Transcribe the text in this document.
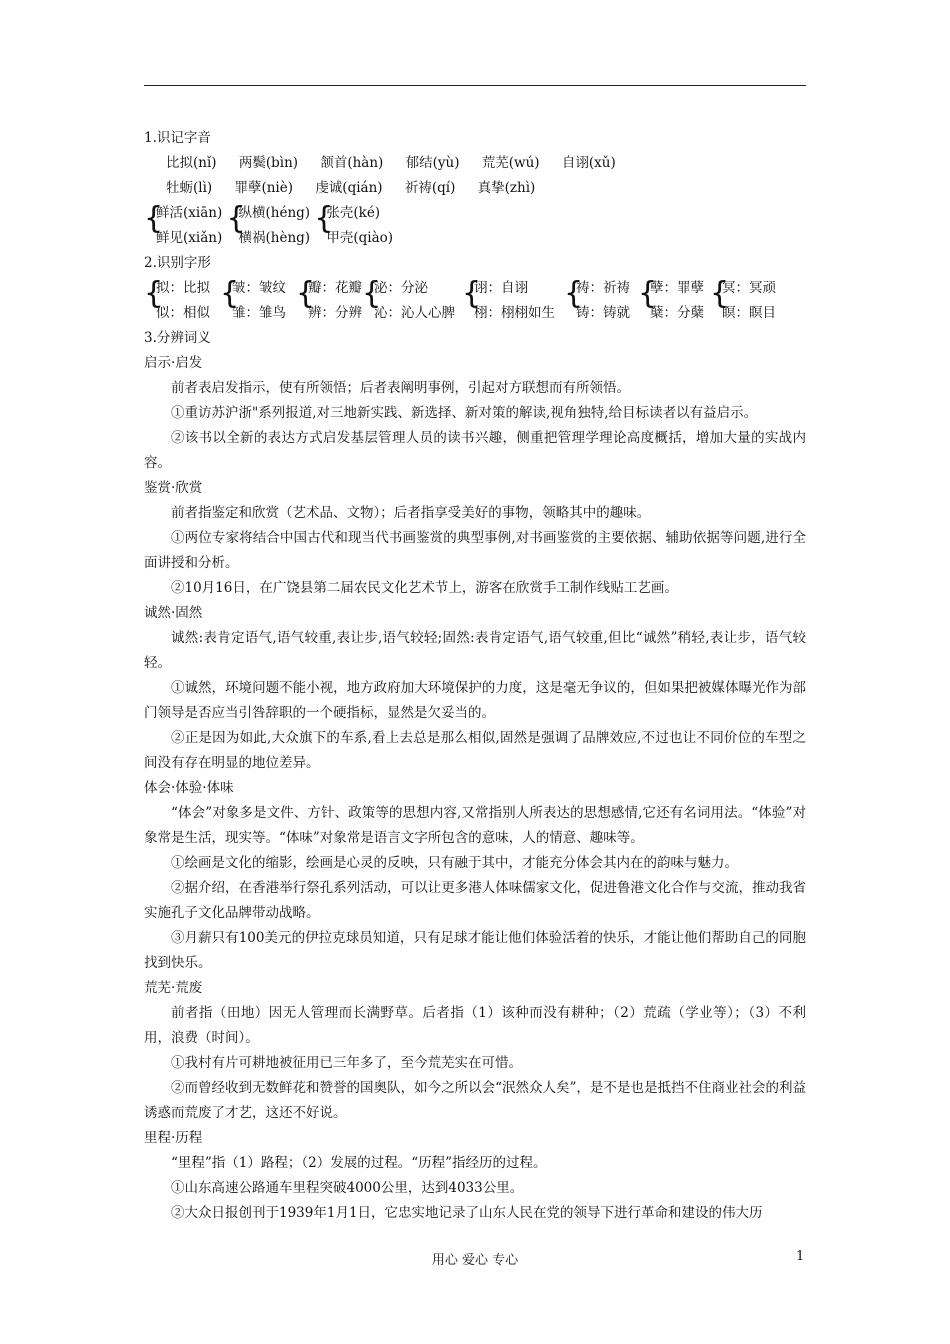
1.识记字音
比拟(nǐ) 两鬓(bìn) 颔首(hàn) 郁结(yù) 荒芜(wú) 自诩(xǔ)
牡蛎(lì) 罪孽(niè) 虔诚(qián) 祈祷(qí) 真挚(zhì)
{
鲜活(xiān)
鲜见(xiǎn)

{
纵横(héng)
横祸(hèng)

{
张壳(ké)
甲壳(qiào)
2.识别字形
{
拟：比拟
似：相似
{
皱：皱纹
雏：雏鸟
{
瓣：花瓣
辨：分辨
{
泌：分泌
沁：沁人心脾
{
诩：自诩
栩：栩栩如生
{
祷：祈祷
铸：铸就
{
孽：罪孽
蘖：分蘖
{
冥：冥顽
瞑：瞑目
3.分辨词义
启示·启发
前者表启发指示，使有所领悟；后者表阐明事例，引起对方联想而有所领悟。
①重访苏沪浙"系列报道,对三地新实践、新选择、新对策的解读,视角独特,给目标读者以有益启示。
②该书以全新的表达方式启发基层管理人员的读书兴趣，侧重把管理学理论高度概括，增加大量的实战内容。
鉴赏·欣赏
前者指鉴定和欣赏（艺术品、文物）；后者指享受美好的事物，领略其中的趣味。
①两位专家将结合中国古代和现当代书画鉴赏的典型事例,对书画鉴赏的主要依据、辅助依据等问题,进行全面讲授和分析。
②10月16日，在广饶县第二届农民文化艺术节上，游客在欣赏手工制作线贴工艺画。
诚然·固然
诚然:表肯定语气,语气较重,表让步,语气较轻;固然:表肯定语气,语气较重,但比“诚然”稍轻,表让步，语气较轻。
①诚然，环境问题不能小视，地方政府加大环境保护的力度，这是毫无争议的，但如果把被媒体曝光作为部门领导是否应当引咎辞职的一个硬指标，显然是欠妥当的。
②正是因为如此,大众旗下的车系,看上去总是那么相似,固然是强调了品牌效应,不过也让不同价位的车型之间没有存在明显的地位差异。
体会·体验·体味
“体会”对象多是文件、方针、政策等的思想内容,又常指别人所表达的思想感情,它还有名词用法。“体验”对象常是生活，现实等。“体味”对象常是语言文字所包含的意味，人的情意、趣味等。
①绘画是文化的缩影，绘画是心灵的反映，只有融于其中，才能充分体会其内在的韵味与魅力。
②据介绍，在香港举行祭孔系列活动，可以让更多港人体味儒家文化，促进鲁港文化合作与交流，推动我省实施孔子文化品牌带动战略。
③月薪只有100美元的伊拉克球员知道，只有足球才能让他们体验活着的快乐，才能让他们帮助自己的同胞找到快乐。
荒芜·荒废
前者指（田地）因无人管理而长满野草。后者指（1）该种而没有耕种；（2）荒疏（学业等）；（3）不利用，浪费（时间）。
①我村有片可耕地被征用已三年多了，至今荒芜实在可惜。
②而曾经收到无数鲜花和赞誉的国奥队，如今之所以会“泯然众人矣”，是不是也是抵挡不住商业社会的利益诱惑而荒废了才艺，这还不好说。
里程·历程
“里程”指（1）路程；（2）发展的过程。“历程”指经历的过程。
①山东高速公路通车里程突破4000公里，达到4033公里。
②大众日报创刊于1939年1月1日，它忠实地记录了山东人民在党的领导下进行革命和建设的伟大历
用心 爱心 专心	1
